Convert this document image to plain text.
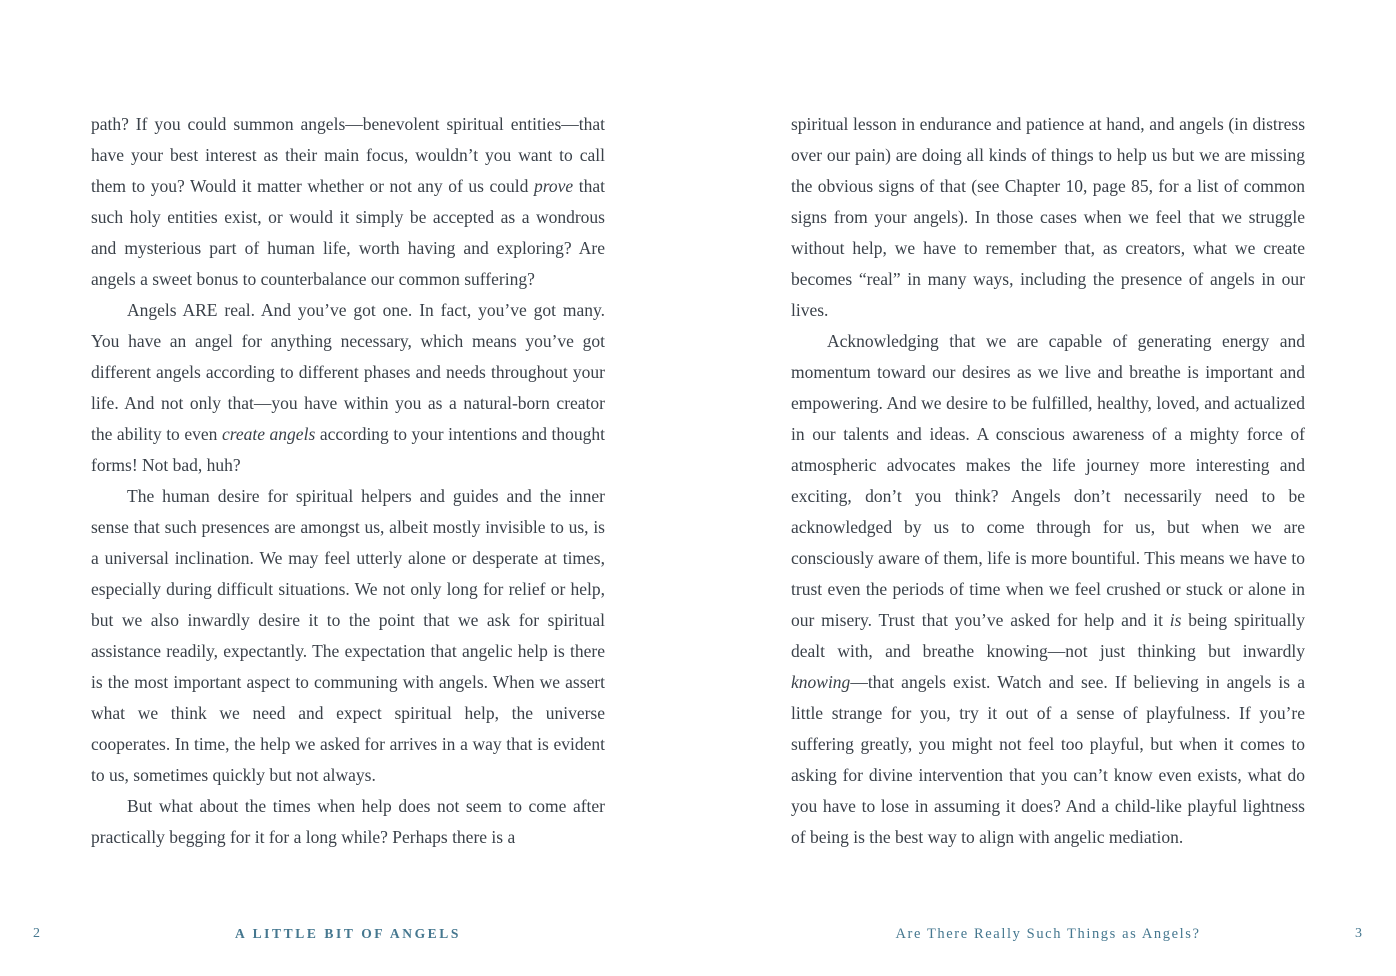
path? If you could summon angels—benevolent spiritual entities—that have your best interest as their main focus, wouldn’t you want to call them to you? Would it matter whether or not any of us could prove that such holy entities exist, or would it simply be accepted as a wondrous and mysterious part of human life, worth having and exploring? Are angels a sweet bonus to counterbalance our common suffering?

Angels ARE real. And you’ve got one. In fact, you’ve got many. You have an angel for anything necessary, which means you’ve got different angels according to different phases and needs throughout your life. And not only that—you have within you as a natural-born creator the ability to even create angels according to your intentions and thought forms! Not bad, huh?

The human desire for spiritual helpers and guides and the inner sense that such presences are amongst us, albeit mostly invisible to us, is a universal inclination. We may feel utterly alone or desperate at times, especially during difficult situations. We not only long for relief or help, but we also inwardly desire it to the point that we ask for spiritual assistance readily, expectantly. The expectation that angelic help is there is the most important aspect to communing with angels. When we assert what we think we need and expect spiritual help, the universe cooperates. In time, the help we asked for arrives in a way that is evident to us, sometimes quickly but not always.

But what about the times when help does not seem to come after practically begging for it for a long while? Perhaps there is a

2	A LITTLE BIT OF ANGELS

spiritual lesson in endurance and patience at hand, and angels (in distress over our pain) are doing all kinds of things to help us but we are missing the obvious signs of that (see Chapter 10, page 85, for a list of common signs from your angels). In those cases when we feel that we struggle without help, we have to remember that, as creators, what we create becomes “real” in many ways, including the presence of angels in our lives.

Acknowledging that we are capable of generating energy and momentum toward our desires as we live and breathe is important and empowering. And we desire to be fulfilled, healthy, loved, and actualized in our talents and ideas. A conscious awareness of a mighty force of atmospheric advocates makes the life journey more interesting and exciting, don’t you think? Angels don’t necessarily need to be acknowledged by us to come through for us, but when we are consciously aware of them, life is more bountiful. This means we have to trust even the periods of time when we feel crushed or stuck or alone in our misery. Trust that you’ve asked for help and it is being spiritually dealt with, and breathe knowing—not just thinking but inwardly knowing—that angels exist. Watch and see. If believing in angels is a little strange for you, try it out of a sense of playfulness. If you’re suffering greatly, you might not feel too playful, but when it comes to asking for divine intervention that you can’t know even exists, what do you have to lose in assuming it does? And a child-like playful lightness of being is the best way to align with angelic mediation.

Are There Really Such Things as Angels?	3
